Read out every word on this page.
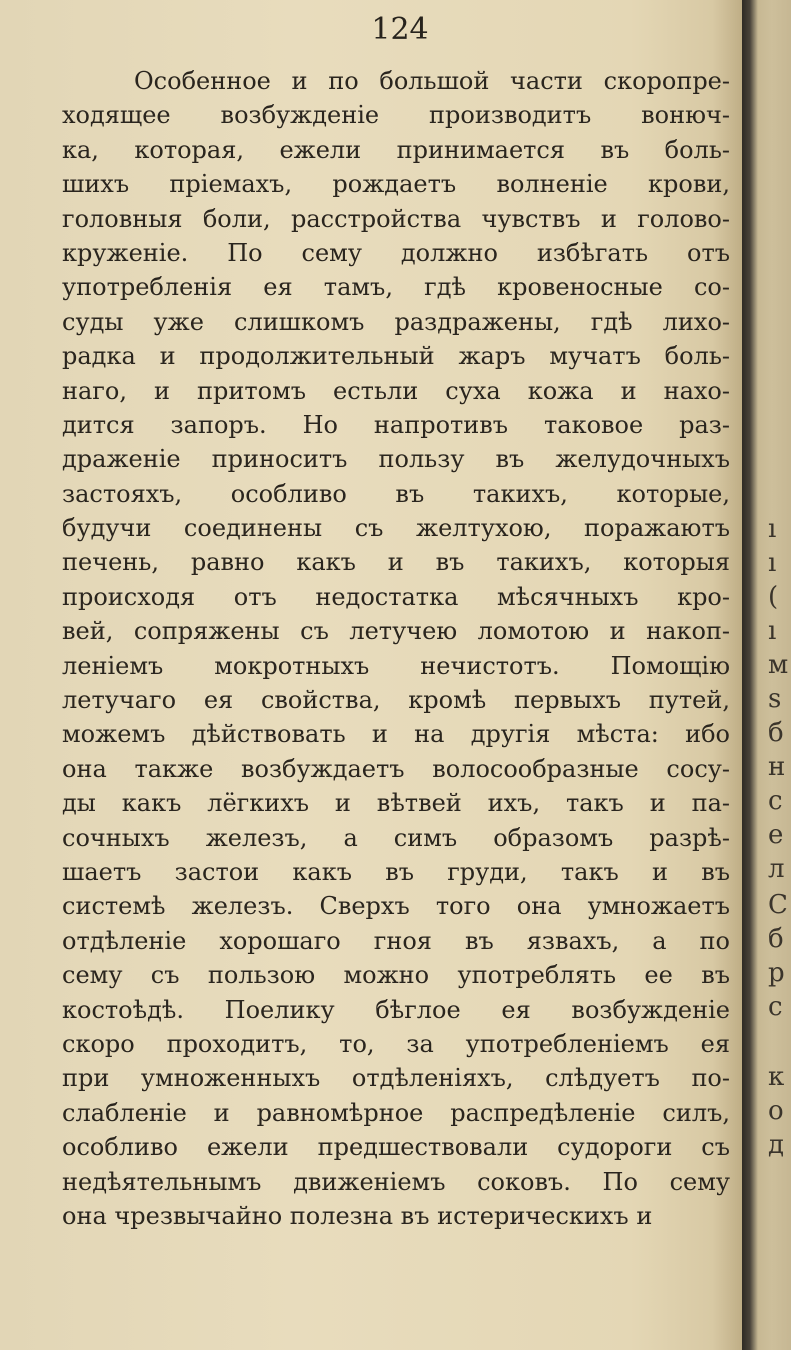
124
Особенное и по большой части скоропре-
ходящее возбужденіе производитъ вонюч-
ка, которая, ежели принимается въ боль-
шихъ пріемахъ, рождаетъ волненіе крови,
головныя боли, расстройства чувствъ и голово-
круженіе. По сему должно избѣгать отъ
употребленія ея тамъ, гдѣ кровеносные со-
суды уже слишкомъ раздражены, гдѣ лихо-
радка и продолжительный жаръ мучатъ боль-
наго, и притомъ естьли суха кожа и нахо-
дится запоръ. Но напротивъ таковое раз-
драженіе приноситъ пользу въ желудочныхъ
застояхъ, особливо въ такихъ, которые,
будучи соединены съ желтухою, поражаютъ
печень, равно какъ и въ такихъ, которыя
происходя отъ недостатка мѣсячныхъ кро-
вей, сопряжены съ летучею ломотою и накоп-
леніемъ мокротныхъ нечистотъ. Помощію
летучаго ея свойства, кромѣ первыхъ путей,
можемъ дѣйствовать и на другія мѣста: ибо
она также возбуждаетъ волосообразные сосу-
ды какъ лёгкихъ и вѣтвей ихъ, такъ и па-
сочныхъ железъ, а симъ образомъ разрѣ-
шаетъ застои какъ въ груди, такъ и въ
системѣ железъ. Сверхъ того она умножаетъ
отдѣленіе хорошаго гноя въ язвахъ, а по
сему съ пользою можно употреблять ее въ
костоѣдѣ. Поелику бѣглое ея возбужденіе
скоро проходитъ, то, за употребленіемъ ея
при умноженныхъ отдѣленіяхъ, слѣдуетъ по-
слабленіе и равномѣрное распредѣленіе силъ,
особливо ежели предшествовали судороги съ
недѣятельнымъ движеніемъ соковъ. По сему
она чрезвычайно полезна въ истерическихъ и
ı
ı
(
ı
м
s
б
н
с
е
л
С
б
р
с
к
о
д
